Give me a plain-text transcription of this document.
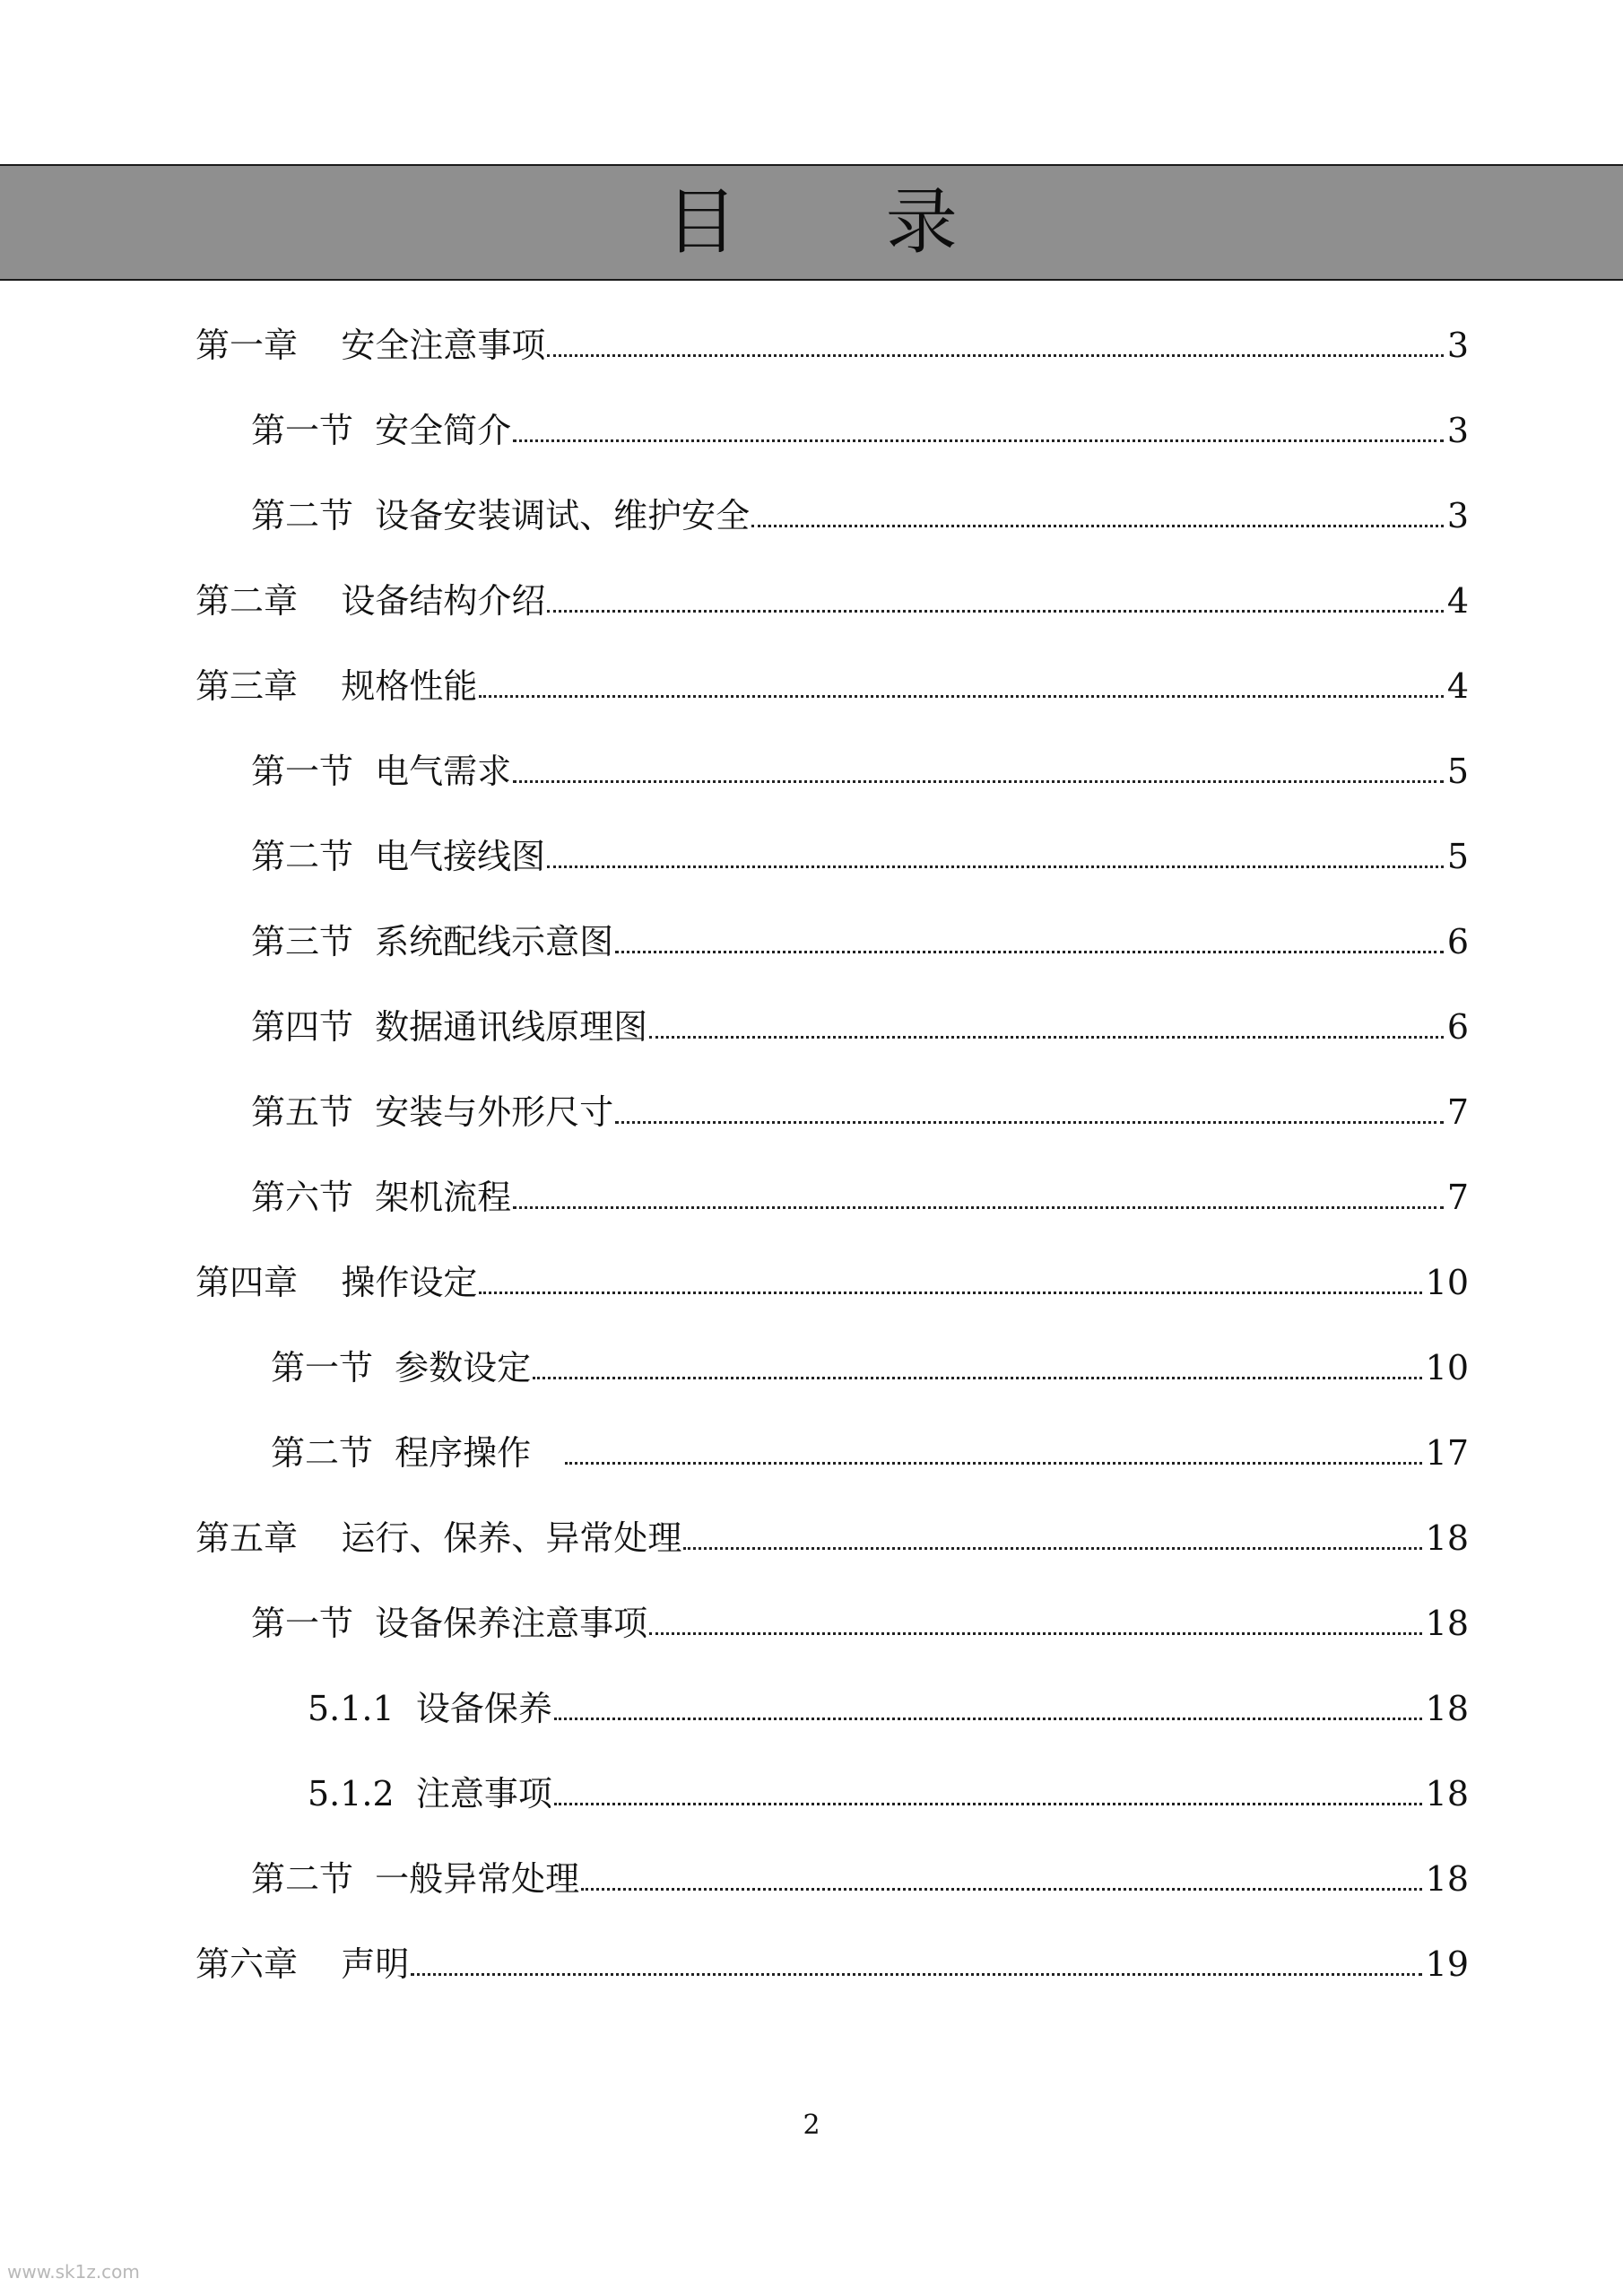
目 录
第一章    安全注意事项	3
第一节  安全简介	3
第二节  设备安装调试、维护安全	3
第二章    设备结构介绍	4
第三章    规格性能	4
第一节  电气需求	5
第二节  电气接线图	5
第三节  系统配线示意图	6
第四节  数据通讯线原理图	6
第五节  安装与外形尺寸	7
第六节  架机流程	7
第四章    操作设定	10
第一节  参数设定	10
第二节  程序操作	17
第五章    运行、保养、异常处理	18
第一节  设备保养注意事项	18
5.1.1  设备保养	18
5.1.2  注意事项	18
第二节  一般异常处理	18
第六章    声明	19
2
www.sk1z.com
